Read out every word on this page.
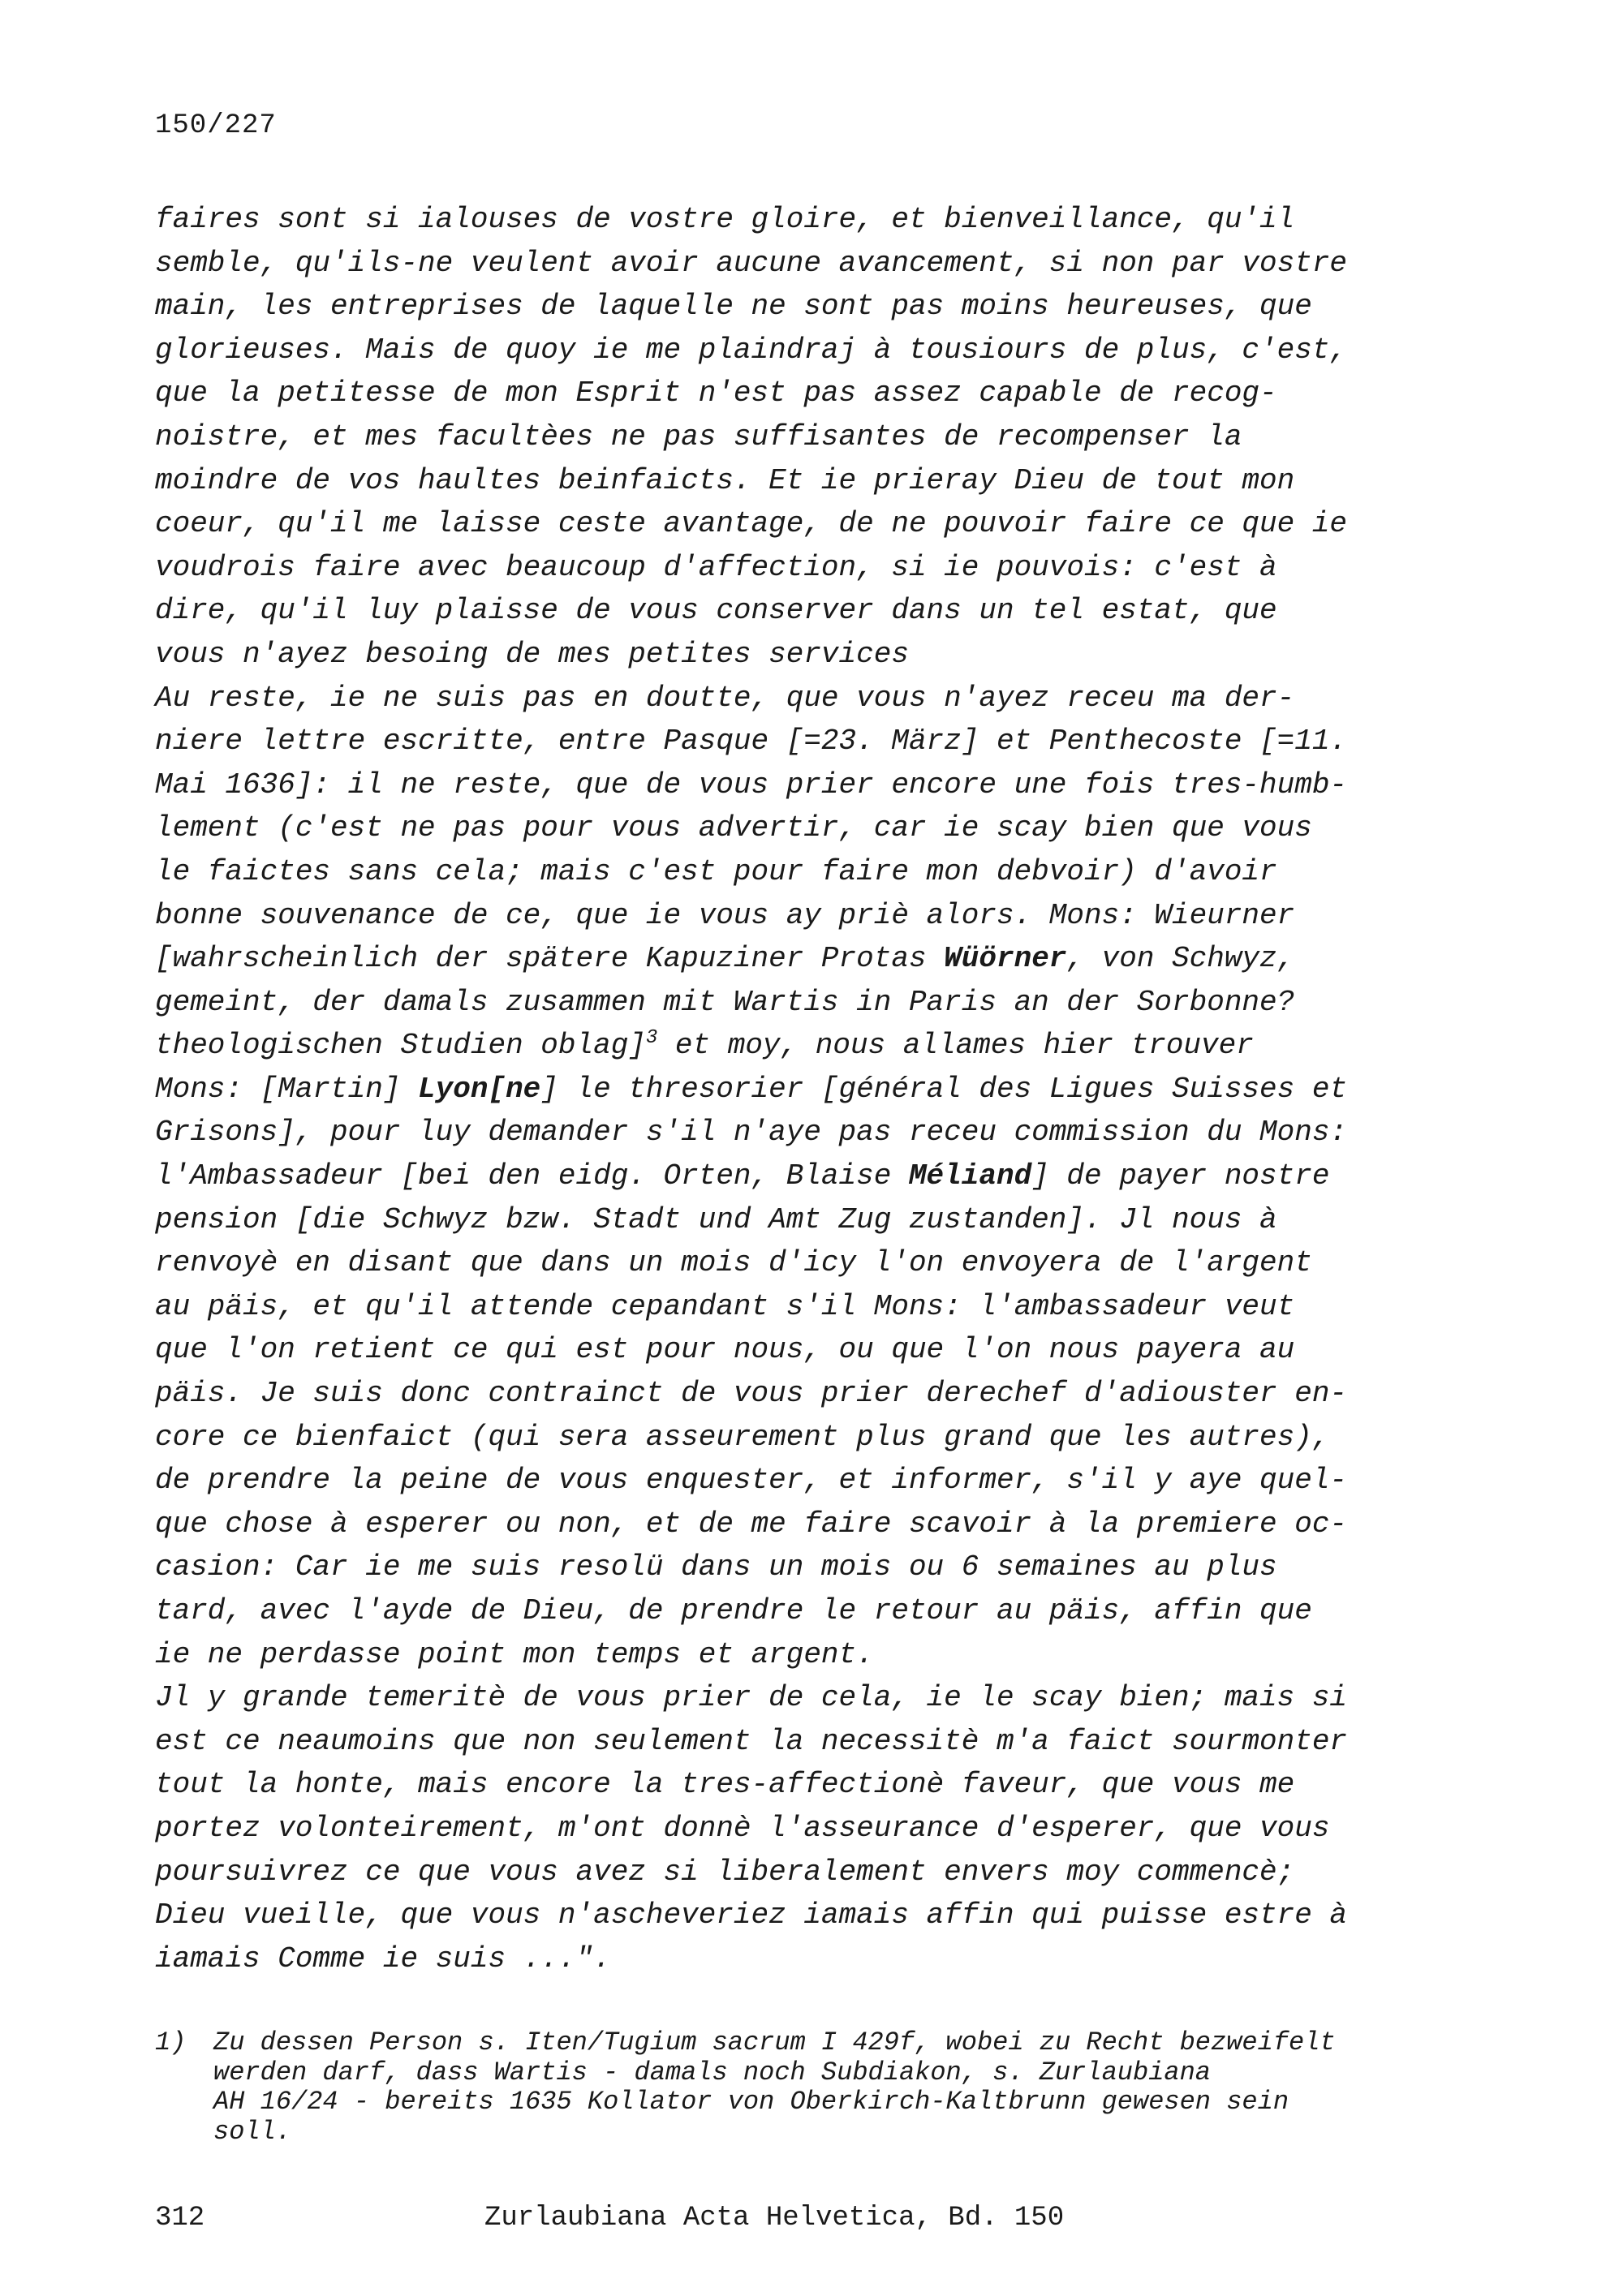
150/227
faires sont si ialouses de vostre gloire, et bienveillance, qu'il
semble, qu'ils-ne veulent avoir aucune avancement, si non par vostre
main, les entreprises de laquelle ne sont pas moins heureuses, que
glorieuses. Mais de quoy ie me plaindraj à tousiours de plus, c'est,
que la petitesse de mon Esprit n'est pas assez capable de recog-
noistre, et mes facultèes ne pas suffisantes de recompenser la
moindre de vos haultes beinfaicts. Et ie prieray Dieu de tout mon
coeur, qu'il me laisse ceste avantage, de ne pouvoir faire ce que ie
voudrois faire avec beaucoup d'affection, si ie pouvois: c'est à
dire, qu'il luy plaisse de vous conserver dans un tel estat, que
vous n'ayez besoing de mes petites services
Au reste, ie ne suis pas en doutte, que vous n'ayez receu ma der-
niere lettre escritte, entre Pasque [=23. März] et Penthecoste [=11.
Mai 1636]: il ne reste, que de vous prier encore une fois tres-humb-
lement (c'est ne pas pour vous advertir, car ie scay bien que vous
le faictes sans cela; mais c'est pour faire mon debvoir) d'avoir
bonne souvenance de ce, que ie vous ay priè alors. Mons: Wieurner
[wahrscheinlich der spätere Kapuziner Protas Wüörner, von Schwyz,
gemeint, der damals zusammen mit Wartis in Paris an der Sorbonne?
theologischen Studien oblag]$^3$ et moy, nous allames hier trouver
Mons: [Martin] Lyon[ne] le thresorier [général des Ligues Suisses et
Grisons], pour luy demander s'il n'aye pas receu commission du Mons:
l'Ambassadeur [bei den eidg. Orten, Blaise Méliand] de payer nostre
pension [die Schwyz bzw. Stadt und Amt Zug zustanden]. Jl nous à
renvoyè en disant que dans un mois d'icy l'on envoyera de l'argent
au päis, et qu'il attende cepandant s'il Mons: l'ambassadeur veut
que l'on retient ce qui est pour nous, ou que l'on nous payera au
päis. Je suis donc contrainct de vous prier derechef d'adiouster en-
core ce bienfaict (qui sera asseurement plus grand que les autres),
de prendre la peine de vous enquester, et informer, s'il y aye quel-
que chose à esperer ou non, et de me faire scavoir à la premiere oc-
casion: Car ie me suis resolü dans un mois ou 6 semaines au plus
tard, avec l'ayde de Dieu, de prendre le retour au päis, affin que
ie ne perdasse point mon temps et argent.
Jl y grande temeritè de vous prier de cela, ie le scay bien; mais si
est ce neaumoins que non seulement la necessitè m'a faict sourmonter
tout la honte, mais encore la tres-affectionè faveur, que vous me
portez volonteirement, m'ont donnè l'asseurance d'esperer, que vous
poursuivrez ce que vous avez si liberalement envers moy commencè;
Dieu vueille, que vous n'ascheveriez iamais affin qui puisse estre à
iamais Comme ie suis ...".
1) Zu dessen Person s. Iten/Tugium sacrum I 429f, wobei zu Recht bezweifelt
werden darf, dass Wartis - damals noch Subdiakon, s. Zurlaubiana
AH 16/24 - bereits 1635 Kollator von Oberkirch-Kaltbrunn gewesen sein
soll.
312	Zurlaubiana Acta Helvetica, Bd. 150
